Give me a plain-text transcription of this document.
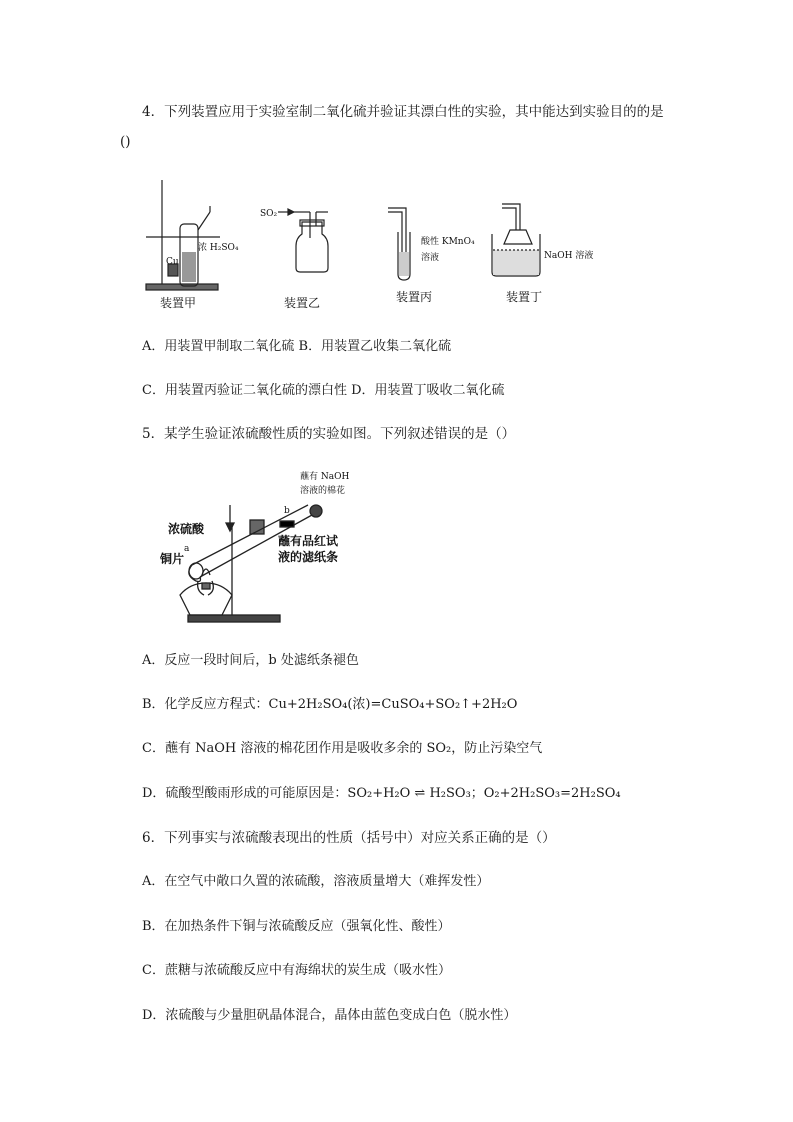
4．下列装置应用于实验室制二氧化硫并验证其漂白性的实验，其中能达到实验目的的是
()
浓 H₂SO₄
Cu
装置甲
SO₂
装置乙
酸性 KMnO₄
溶液
装置丙
NaOH 溶液
装置丁
A．用装置甲制取二氧化硫 B．用装置乙收集二氧化硫
C．用装置丙验证二氧化硫的漂白性 D．用装置丁吸收二氧化硫
5．某学生验证浓硫酸性质的实验如图。下列叙述错误的是（）
蘸有 NaOH
溶液的棉花
b
浓硫酸
a
铜片
蘸有品红试
液的滤纸条
A．反应一段时间后，b 处滤纸条褪色
B．化学反应方程式：Cu+2H₂SO₄(浓)=CuSO₄+SO₂↑+2H₂O
C．蘸有 NaOH 溶液的棉花团作用是吸收多余的 SO₂，防止污染空气
D．硫酸型酸雨形成的可能原因是：SO₂+H₂O ⇌ H₂SO₃；O₂+2H₂SO₃=2H₂SO₄
6．下列事实与浓硫酸表现出的性质（括号中）对应关系正确的是（）
A．在空气中敞口久置的浓硫酸，溶液质量增大（难挥发性）
B．在加热条件下铜与浓硫酸反应（强氧化性、酸性）
C．蔗糖与浓硫酸反应中有海绵状的炭生成（吸水性）
D．浓硫酸与少量胆矾晶体混合，晶体由蓝色变成白色（脱水性）
